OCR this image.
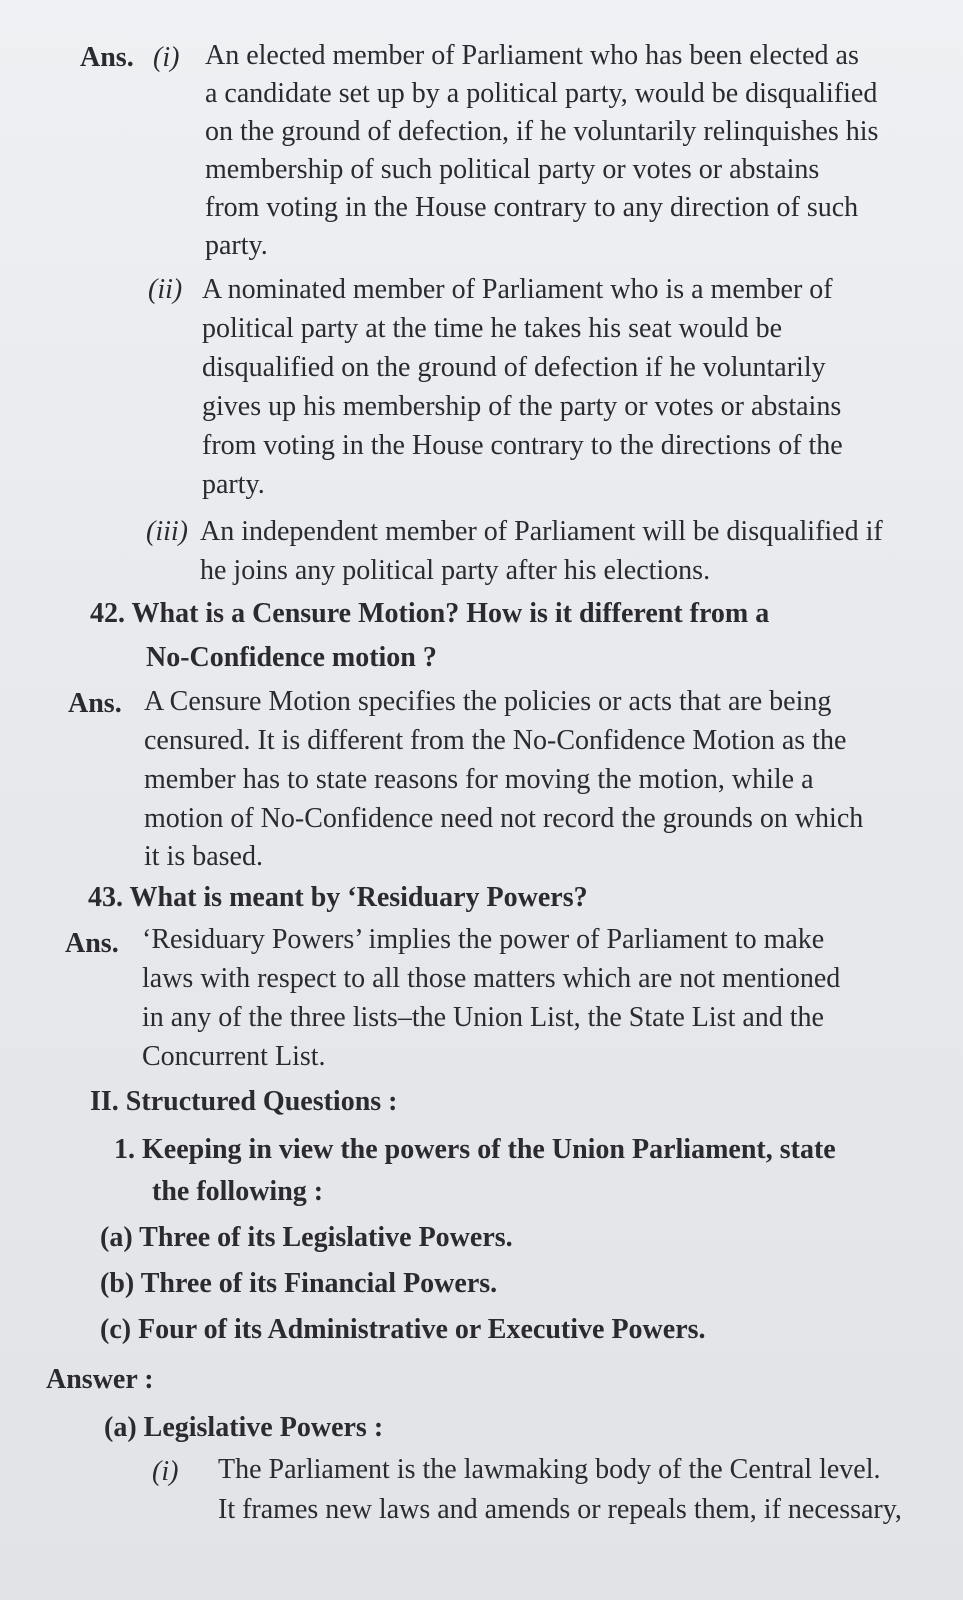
Ans. (i) An elected member of Parliament who has been elected as
a candidate set up by a political party, would be disqualified
on the ground of defection, if he voluntarily relinquishes his
membership of such political party or votes or abstains
from voting in the House contrary to any direction of such
party.
(ii) A nominated member of Parliament who is a member of
political party at the time he takes his seat would be
disqualified on the ground of defection if he voluntarily
gives up his membership of the party or votes or abstains
from voting in the House contrary to the directions of the
party.
(iii) An independent member of Parliament will be disqualified if
he joins any political party after his elections.
42. What is a Censure Motion? How is it different from a
No-Confidence motion ?
Ans. A Censure Motion specifies the policies or acts that are being
censured. It is different from the No-Confidence Motion as the
member has to state reasons for moving the motion, while a
motion of No-Confidence need not record the grounds on which
it is based.
43. What is meant by ‘Residuary Powers?
Ans. ‘Residuary Powers’ implies the power of Parliament to make
laws with respect to all those matters which are not mentioned
in any of the three lists–the Union List, the State List and the
Concurrent List.
II. Structured Questions :
1. Keeping in view the powers of the Union Parliament, state
the following :
(a) Three of its Legislative Powers.
(b) Three of its Financial Powers.
(c) Four of its Administrative or Executive Powers.
Answer :
(a) Legislative Powers :
(i) The Parliament is the lawmaking body of the Central level.
It frames new laws and amends or repeals them, if necessary,
